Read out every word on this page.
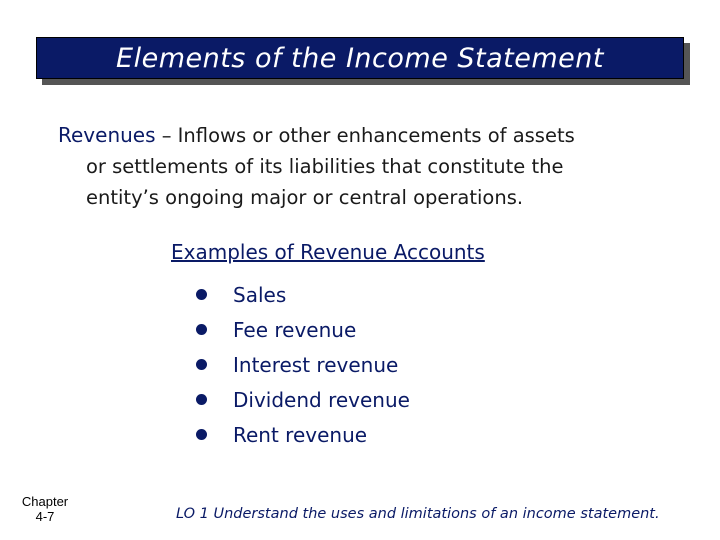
Elements of the Income Statement
Revenues – Inflows or other enhancements of assets
or settlements of its liabilities that constitute the
entity’s ongoing major or central operations.
Examples of Revenue Accounts
Sales
Fee revenue
Interest revenue
Dividend revenue
Rent revenue
Chapter
4-7	LO 1 Understand the uses and limitations of an income statement.
